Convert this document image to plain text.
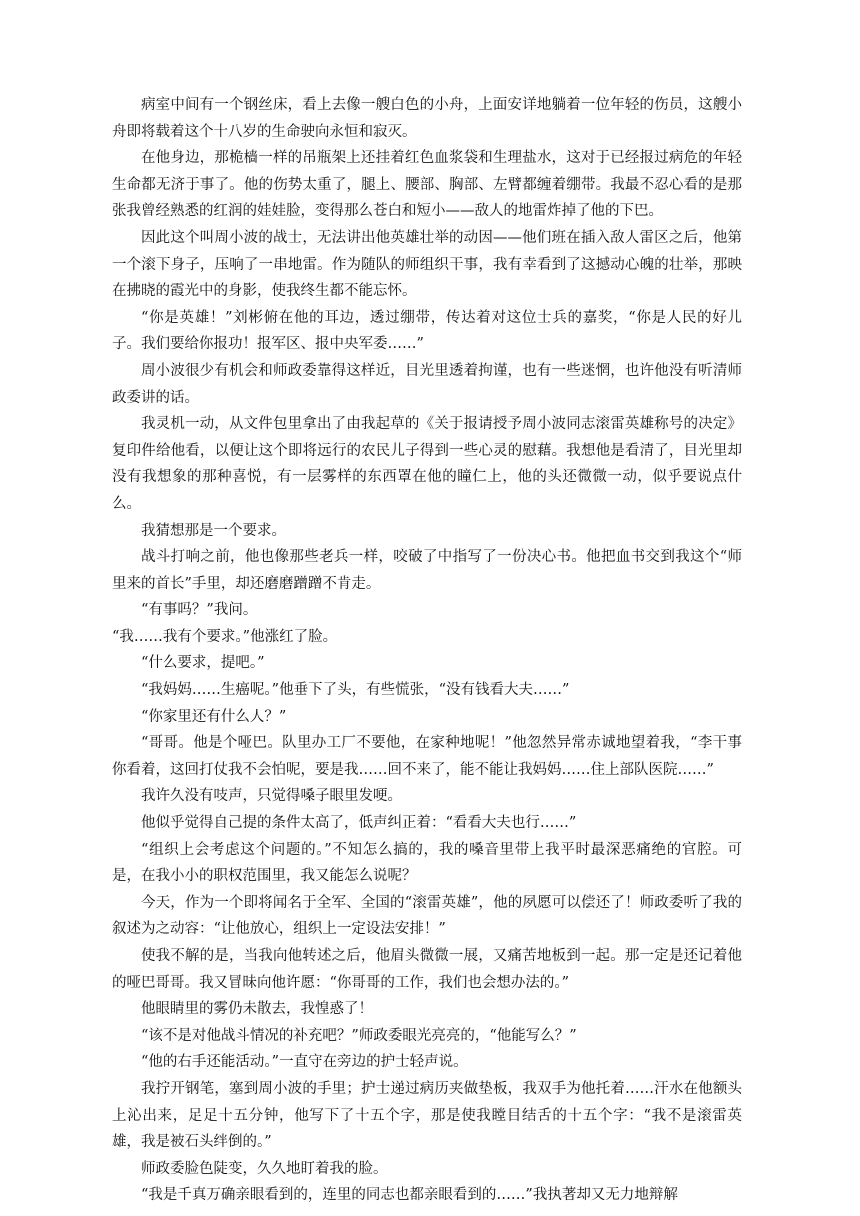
病室中间有一个钢丝床，看上去像一艘白色的小舟，上面安详地躺着一位年轻的伤员，这艘小舟即将载着这个十八岁的生命驶向永恒和寂灭。

在他身边，那桅樯一样的吊瓶架上还挂着红色血浆袋和生理盐水，这对于已经报过病危的年轻生命都无济于事了。他的伤势太重了，腿上、腰部、胸部、左臂都缠着绷带。我最不忍心看的是那张我曾经熟悉的红润的娃娃脸，变得那么苍白和短小——敌人的地雷炸掉了他的下巴。

因此这个叫周小波的战士，无法讲出他英雄壮举的动因——他们班在插入敌人雷区之后，他第一个滚下身子，压响了一串地雷。作为随队的师组织干事，我有幸看到了这撼动心魄的壮举，那映在拂晓的霞光中的身影，使我终生都不能忘怀。

“你是英雄！”刘彬俯在他的耳边，透过绷带，传达着对这位士兵的嘉奖，“你是人民的好儿子。我们要给你报功！报军区、报中央军委……”

周小波很少有机会和师政委靠得这样近，目光里透着拘谨，也有一些迷惘，也许他没有听清师政委讲的话。

我灵机一动，从文件包里拿出了由我起草的《关于报请授予周小波同志滚雷英雄称号的决定》复印件给他看，以便让这个即将远行的农民儿子得到一些心灵的慰藉。我想他是看清了，目光里却没有我想象的那种喜悦，有一层雾样的东西罩在他的瞳仁上，他的头还微微一动，似乎要说点什么。

我猜想那是一个要求。

战斗打响之前，他也像那些老兵一样，咬破了中指写了一份决心书。他把血书交到我这个“师里来的首长”手里，却还磨磨蹭蹭不肯走。

“有事吗？”我问。

“我……我有个要求。”他涨红了脸。

“什么要求，提吧。”

“我妈妈……生癌呢。”他垂下了头，有些慌张，“没有钱看大夫……”

“你家里还有什么人？”

“哥哥。他是个哑巴。队里办工厂不要他，在家种地呢！”他忽然异常赤诚地望着我，“李干事你看着，这回打仗我不会怕呢，要是我……回不来了，能不能让我妈妈……住上部队医院……”

我许久没有吱声，只觉得嗓子眼里发哽。

他似乎觉得自己提的条件太高了，低声纠正着：“看看大夫也行……”

“组织上会考虑这个问题的。”不知怎么搞的，我的嗓音里带上我平时最深恶痛绝的官腔。可是，在我小小的职权范围里，我又能怎么说呢？

今天，作为一个即将闻名于全军、全国的“滚雷英雄”，他的夙愿可以偿还了！师政委听了我的叙述为之动容：“让他放心，组织上一定设法安排！”

使我不解的是，当我向他转述之后，他眉头微微一展，又痛苦地板到一起。那一定是还记着他的哑巴哥哥。我又冒昧向他许愿：“你哥哥的工作，我们也会想办法的。”

他眼睛里的雾仍未散去，我惶惑了！

“该不是对他战斗情况的补充吧？”师政委眼光亮亮的，“他能写么？”

“他的右手还能活动。”一直守在旁边的护士轻声说。

我拧开钢笔，塞到周小波的手里；护士递过病历夹做垫板，我双手为他托着……汗水在他额头上沁出来，足足十五分钟，他写下了十五个字，那是使我瞠目结舌的十五个字：“我不是滚雷英雄，我是被石头绊倒的。”

师政委脸色陡变，久久地盯着我的脸。

“我是千真万确亲眼看到的，连里的同志也都亲眼看到的……”我执著却又无力地辩解
